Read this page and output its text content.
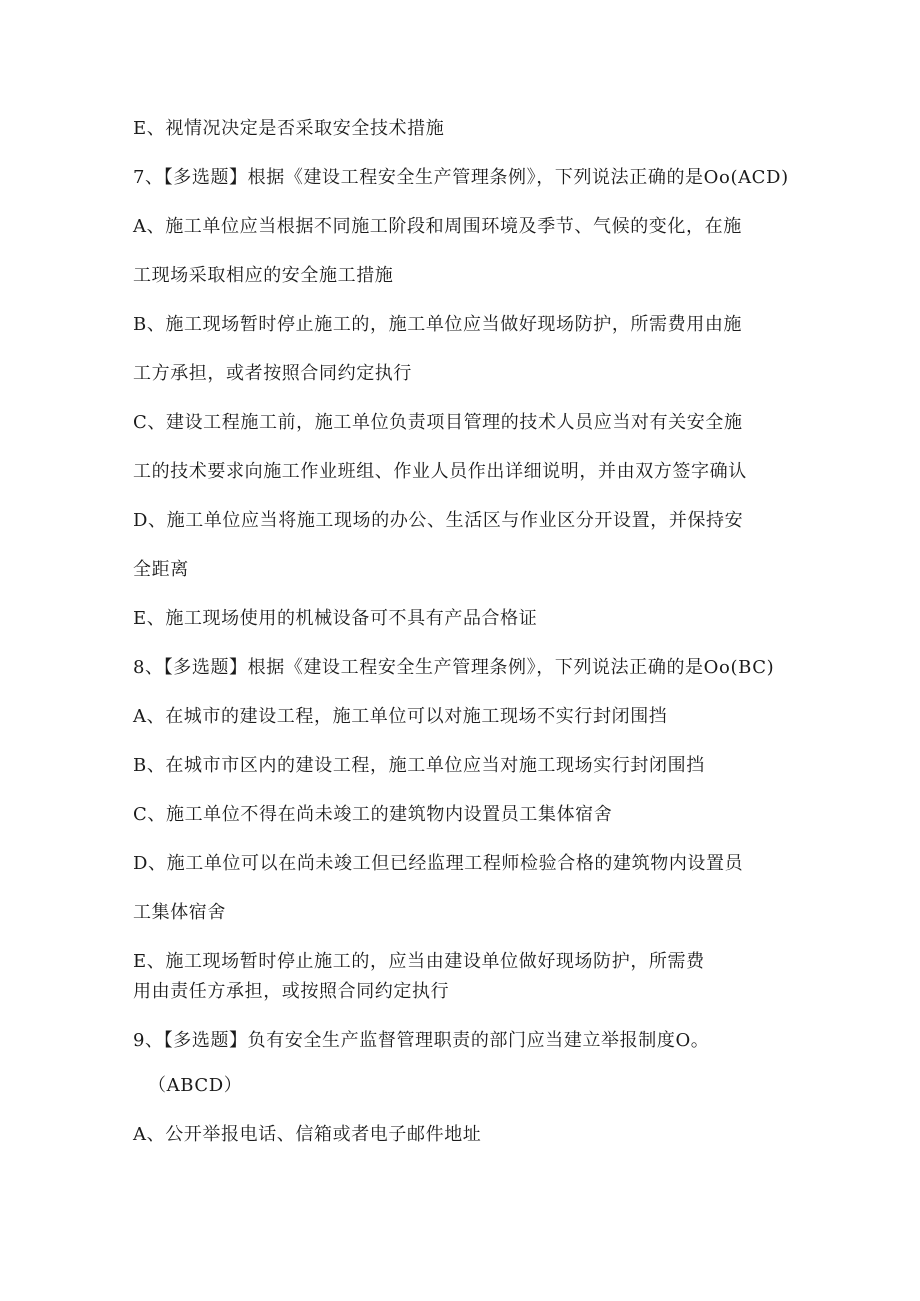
E、视情况决定是否采取安全技术措施
7、【多选题】根据《建设工程安全生产管理条例》，下列说法正确的是Oo(ACD)
A、施工单位应当根据不同施工阶段和周围环境及季节、气候的变化，在施
工现场采取相应的安全施工措施
B、施工现场暂时停止施工的，施工单位应当做好现场防护，所需费用由施
工方承担，或者按照合同约定执行
C、建设工程施工前，施工单位负责项目管理的技术人员应当对有关安全施
工的技术要求向施工作业班组、作业人员作出详细说明，并由双方签字确认
D、施工单位应当将施工现场的办公、生活区与作业区分开设置，并保持安
全距离
E、施工现场使用的机械设备可不具有产品合格证
8、【多选题】根据《建设工程安全生产管理条例》，下列说法正确的是Oo(BC)
A、在城市的建设工程，施工单位可以对施工现场不实行封闭围挡
B、在城市市区内的建设工程，施工单位应当对施工现场实行封闭围挡
C、施工单位不得在尚未竣工的建筑物内设置员工集体宿舍
D、施工单位可以在尚未竣工但已经监理工程师检验合格的建筑物内设置员
工集体宿舍
E、施工现场暂时停止施工的，应当由建设单位做好现场防护，所需费
用由责任方承担，或按照合同约定执行
9、【多选题】负有安全生产监督管理职责的部门应当建立举报制度O。
（ABCD）
A、公开举报电话、信箱或者电子邮件地址
